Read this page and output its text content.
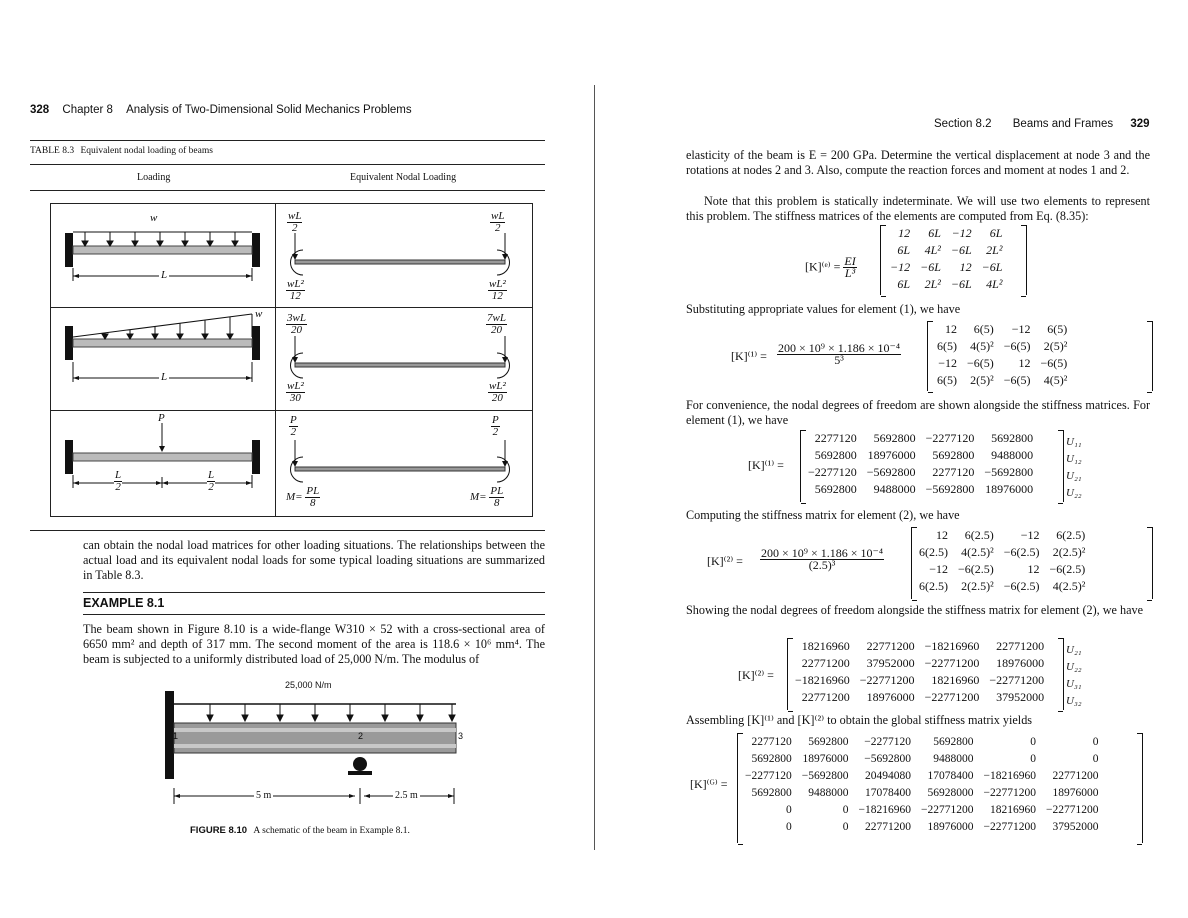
328 Chapter 8 Analysis of Two-Dimensional Solid Mechanics Problems
TABLE 8.3 Equivalent nodal loading of beams
Loading	Equivalent Nodal Loading
w
L
$\frac{wL}{2}$	$\frac{wL}{2}$
$\frac{\text{wL²}}{12}$	$\frac{\text{wL²}}{12}$
w
L
$\frac{3wL}{20}$	$\frac{7wL}{20}$
$\frac{\text{wL²}}{30}$	$\frac{\text{wL²}}{20}$
P
$\frac{L}{2}$	$\frac{L}{2}$
$\frac{P}{2}$	$\frac{P}{2}$
$M= \frac{PL}{8}$	$M= \frac{PL}{8}$
can obtain the nodal load matrices for other loading situations. The relationships between the actual load and its equivalent nodal loads for some typical loading situations are summarized in Table 8.3.
EXAMPLE 8.1
The beam shown in Figure 8.10 is a wide-flange W310 × 52 with a cross-sectional area of 6650 mm² and depth of 317 mm. The second moment of the area is 118.6 × 10⁶ mm⁴. The beam is subjected to a uniformly distributed load of 25,000 N/m. The modulus of
25,000 N/m
1	2	3
5 m	2.5 m
FIGURE 8.10 A schematic of the beam in Example 8.1.
Section 8.2 Beams and Frames 329
elasticity of the beam is E = 200 GPa. Determine the vertical displacement at node 3 and the rotations at nodes 2 and 3. Also, compute the reaction forces and moment at nodes 1 and 2.
Note that this problem is statically indeterminate. We will use two elements to represent this problem. The stiffness matrices of the elements are computed from Eq. (8.35):
[K]⁽ᵉ⁾ = $\frac{EI}{\text{L³}}$
12	6L	−12	6L
6L	4L²	−6L	2L²
−12	−6L	12	−6L
6L	2L²	−6L	4L²
Substituting appropriate values for element (1), we have
$[K]^{(1)} = \frac{\text{200 × 10⁹ × 1.186 × 10⁻⁴}}{\text{5³}}$
12	6(5)	−12	6(5)
6(5)	4(5)²	−6(5)	2(5)²
−12	−6(5)	12	−6(5)
6(5)	2(5)²	−6(5)	4(5)²
For convenience, the nodal degrees of freedom are shown alongside the stiffness matrices. For element (1), we have
[K]⁽¹⁾ =
2277120	5692800	−2277120	5692800
5692800	18976000	5692800	9488000
−2277120	−5692800	2277120	−5692800
5692800	9488000	−5692800	18976000
U₁₁
U₁₂
U₂₁
U₂₂
Computing the stiffness matrix for element (2), we have
$[K]^{(2)} = \frac{\text{200 × 10⁹ × 1.186 × 10⁻⁴}}{\text{(2.5)³}}$
12	6(2.5)	−12	6(2.5)
6(2.5)	4(2.5)²	−6(2.5)	2(2.5)²
−12	−6(2.5)	12	−6(2.5)
6(2.5)	2(2.5)²	−6(2.5)	4(2.5)²
Showing the nodal degrees of freedom alongside the stiffness matrix for element (2), we have
[K]⁽²⁾ =
18216960	22771200	−18216960	22771200
22771200	37952000	−22771200	18976000
−18216960	−22771200	18216960	−22771200
22771200	18976000	−22771200	37952000
U₂₁
U₂₂
U₃₁
U₃₂
Assembling [K]⁽¹⁾ and [K]⁽²⁾ to obtain the global stiffness matrix yields
[K]⁽ᴳ⁾ =
2277120	5692800	−2277120	5692800	0	0
5692800	18976000	−5692800	9488000	0	0
−2277120	−5692800	20494080	17078400	−18216960	22771200
5692800	9488000	17078400	56928000	−22771200	18976000
0	0	−18216960	−22771200	18216960	−22771200
0	0	22771200	18976000	−22771200	37952000
